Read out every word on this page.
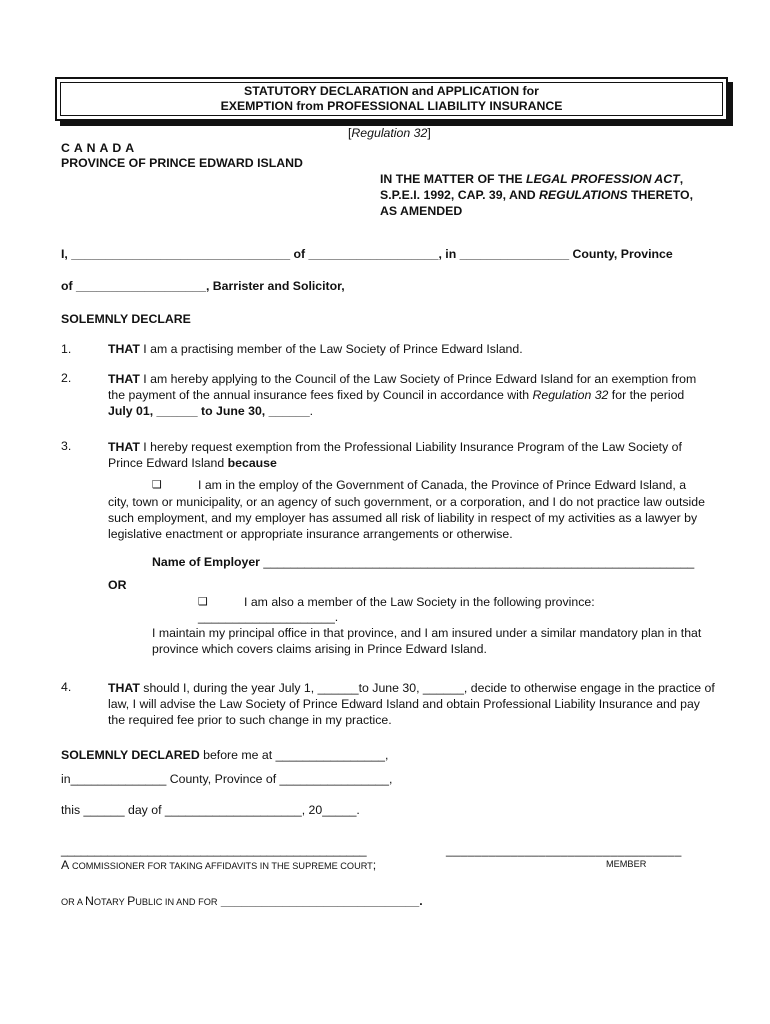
STATUTORY DECLARATION and APPLICATION for
EXEMPTION from PROFESSIONAL LIABILITY INSURANCE
[Regulation 32]
C A N A D A
PROVINCE OF PRINCE EDWARD ISLAND
IN THE MATTER OF THE LEGAL PROFESSION ACT,
S.P.E.I. 1992, CAP. 39, AND REGULATIONS THERETO,
AS AMENDED
I, ________________________________ of ___________________, in ________________ County, Province
of ___________________, Barrister and Solicitor,
SOLEMNLY DECLARE
1.	THAT I am a practising member of the Law Society of Prince Edward Island.
2.	THAT I am hereby applying to the Council of the Law Society of Prince Edward Island for an exemption from the payment of the annual insurance fees fixed by Council in accordance with Regulation 32 for the period
July 01, ______ to June 30, ______.
3.	THAT I hereby request exemption from the Professional Liability Insurance Program of the Law Society of Prince Edward Island because
❑	I am in the employ of the Government of Canada, the Province of Prince Edward Island, a
city, town or municipality, or an agency of such government, or a corporation, and I do not practice law outside such employment, and my employer has assumed all risk of liability in respect of my activities as a lawyer by legislative enactment or appropriate insurance arrangements or otherwise.
Name of Employer _______________________________________________________________
OR
❑	I am also a member of the Law Society in the following province:
____________________.
I maintain my principal office in that province, and I am insured under a similar mandatory plan in that province which covers claims arising in Prince Edward Island.
4.	THAT should I, during the year July 1, ______to June 30, ______, decide to otherwise engage in the practice of law, I will advise the Law Society of Prince Edward Island and obtain Professional Liability Insurance and pay the required fee prior to such change in my practice.
SOLEMNLY DECLARED before me at ________________,
in______________ County, Province of ________________,
this ______ day of ____________________, 20_____.
______________________________________________
A COMMISSIONER FOR TAKING AFFIDAVITS IN THE SUPREME COURT;
_________________________________
MEMBER
OR A NOTARY PUBLIC IN AND FOR _____________________________.
